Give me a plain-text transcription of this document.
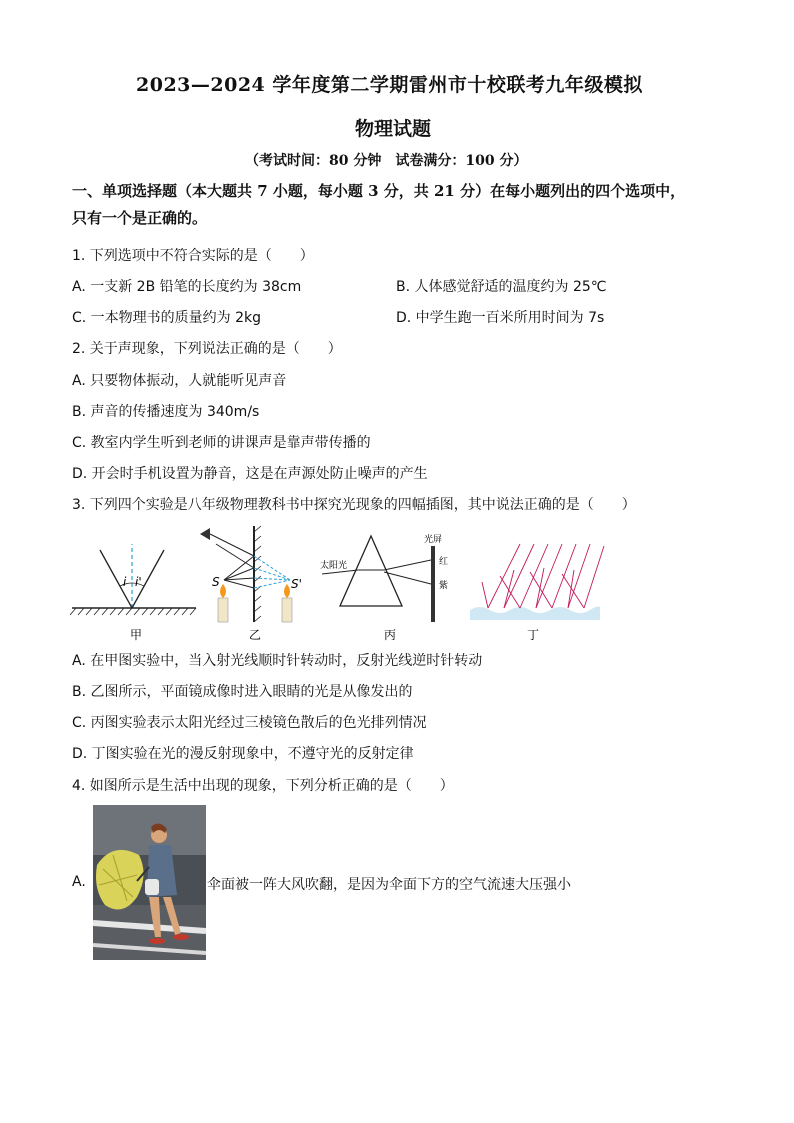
2023—2024 学年度第二学期雷州市十校联考九年级模拟
物理试题
（考试时间：80 分钟　试卷满分：100 分）
一、单项选择题（本大题共 7 小题，每小题 3 分，共 21 分）在每小题列出的四个选项中，
只有一个是正确的。
1. 下列选项中不符合实际的是（　　）
A. 一支新 2B 铅笔的长度约为 38cm	B. 人体感觉舒适的温度约为 25℃
C. 一本物理书的质量约为 2kg	D. 中学生跑一百米所用时间为 7s
2. 关于声现象，下列说法正确的是（　　）
A. 只要物体振动，人就能听见声音
B. 声音的传播速度为 340m/s
C. 教室内学生听到老师的讲课声是靠声带传播的
D. 开会时手机设置为静音，这是在声源处防止噪声的产生
3. 下列四个实验是八年级物理教科书中探究光现象的四幅插图，其中说法正确的是（　　）
i i'
甲
S	S'
乙
太阳光
光屏
红
紫
丙	丁
A. 在甲图实验中，当入射光线顺时针转动时，反射光线逆时针转动
B. 乙图所示，平面镜成像时进入眼睛的光是从像发出的
C. 丙图实验表示太阳光经过三棱镜色散后的色光排列情况
D. 丁图实验在光的漫反射现象中，不遵守光的反射定律
4. 如图所示是生活中出现的现象，下列分析正确的是（　　）
A.	伞面被一阵大风吹翻，是因为伞面下方的空气流速大压强小
